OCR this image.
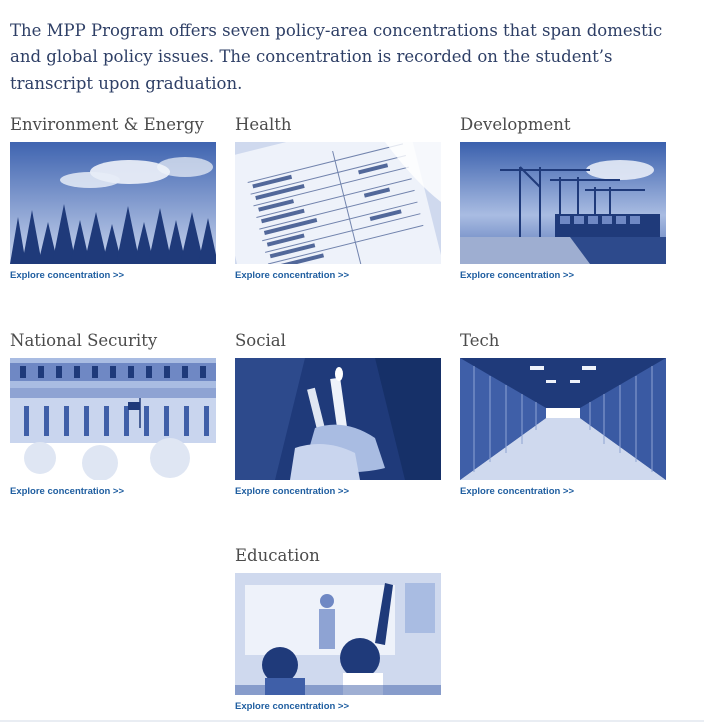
The MPP Program offers seven policy-area concentrations that span domestic and global policy issues. The concentration is recorded on the student’s transcript upon graduation.

Environment & Energy
Explore concentration >>
Health
Explore concentration >>
Development
Explore concentration >>
National Security
Explore concentration >>
Social
Explore concentration >>
Tech
Explore concentration >>
Education
Explore concentration >>
